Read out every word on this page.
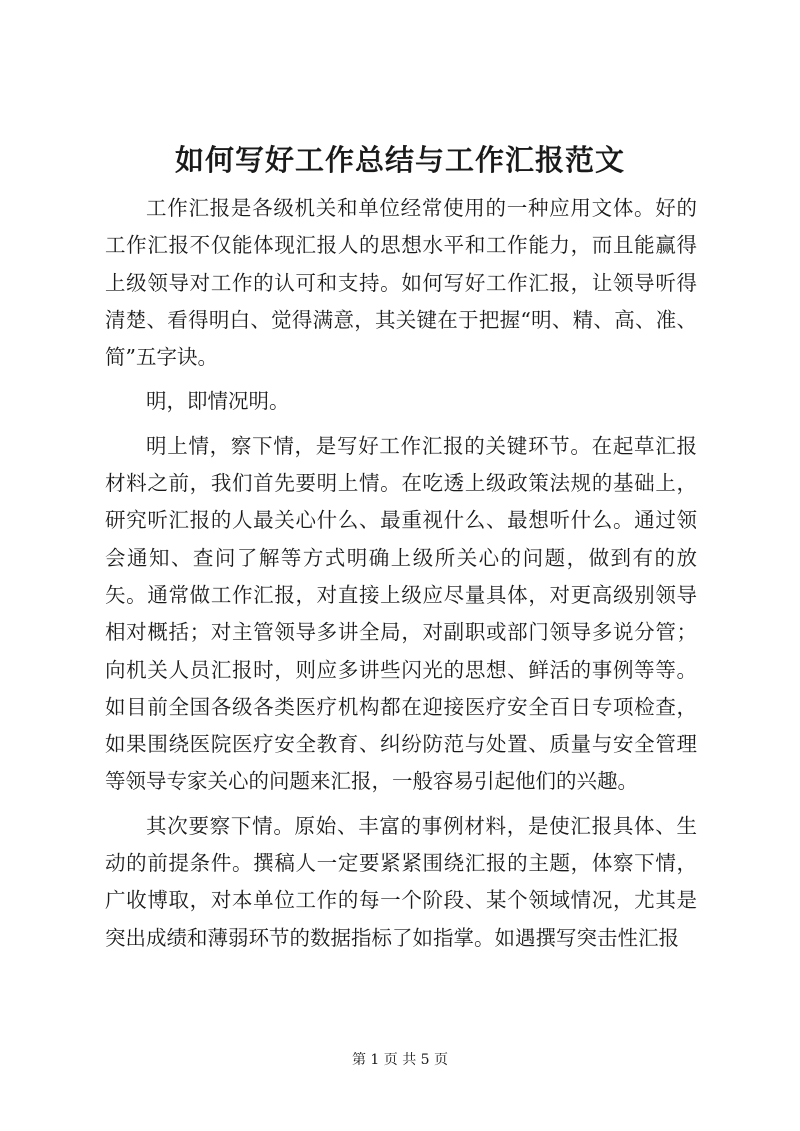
如何写好工作总结与工作汇报范文

工作汇报是各级机关和单位经常使用的一种应用文体。好的工作汇报不仅能体现汇报人的思想水平和工作能力，而且能赢得上级领导对工作的认可和支持。如何写好工作汇报，让领导听得清楚、看得明白、觉得满意，其关键在于把握“明、精、高、准、简”五字诀。

明，即情况明。

明上情，察下情，是写好工作汇报的关键环节。在起草汇报材料之前，我们首先要明上情。在吃透上级政策法规的基础上，研究听汇报的人最关心什么、最重视什么、最想听什么。通过领会通知、查问了解等方式明确上级所关心的问题，做到有的放矢。通常做工作汇报，对直接上级应尽量具体，对更高级别领导相对概括；对主管领导多讲全局，对副职或部门领导多说分管；向机关人员汇报时，则应多讲些闪光的思想、鲜活的事例等等。如目前全国各级各类医疗机构都在迎接医疗安全百日专项检查，如果围绕医院医疗安全教育、纠纷防范与处置、质量与安全管理等领导专家关心的问题来汇报，一般容易引起他们的兴趣。

其次要察下情。原始、丰富的事例材料，是使汇报具体、生动的前提条件。撰稿人一定要紧紧围绕汇报的主题，体察下情，广收博取，对本单位工作的每一个阶段、某个领域情况，尤其是突出成绩和薄弱环节的数据指标了如指掌。如遇撰写突击性汇报

第 1 页 共 5 页
